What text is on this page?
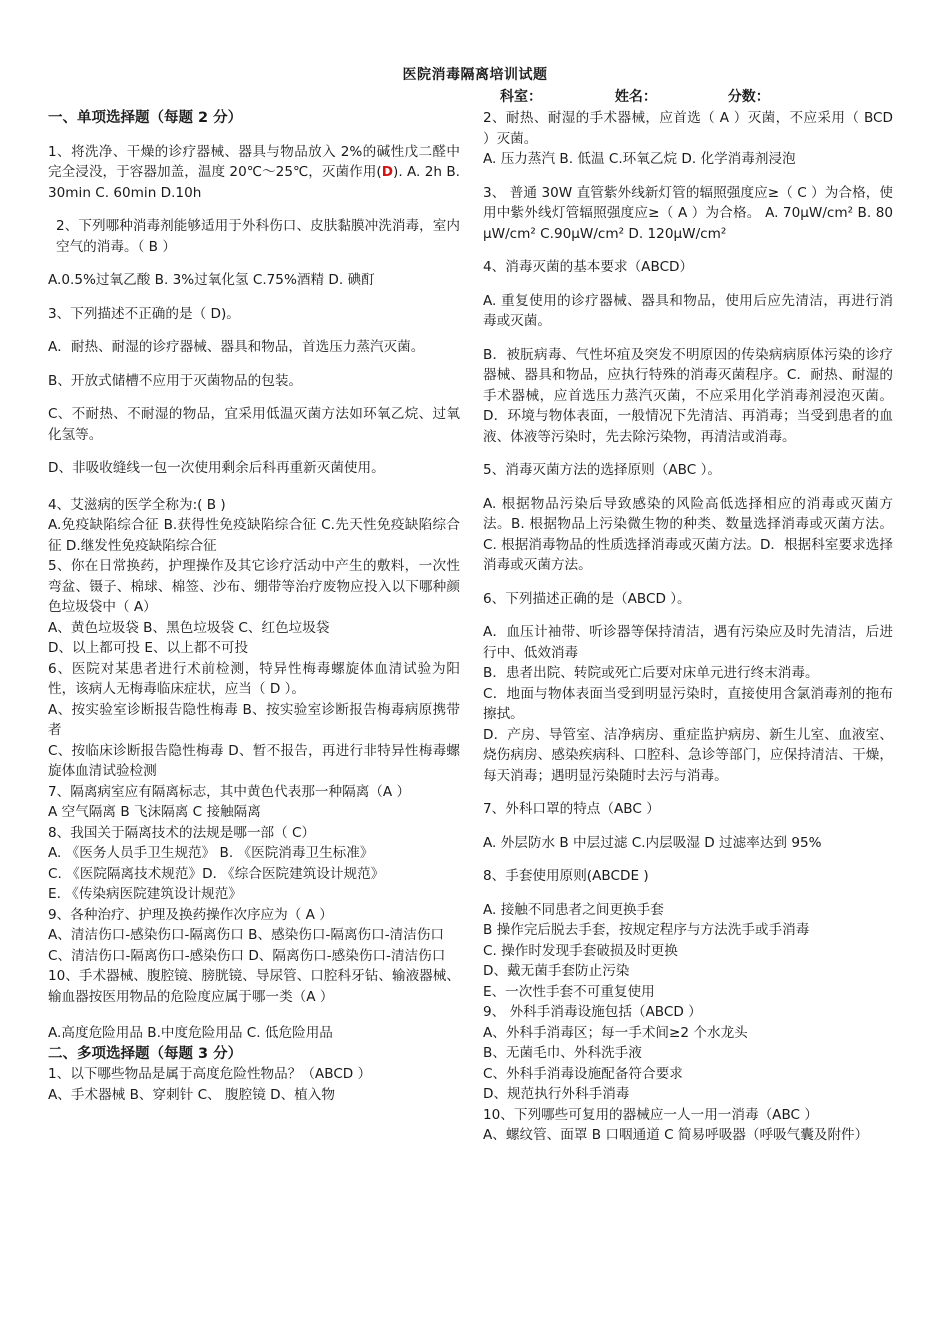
医院消毒隔离培训试题
科室：	姓名：	分数：

一、单项选择题（每题 2 分）

1、将洗净、干燥的诊疗器械、器具与物品放入 2%的碱性戊二醛中完全浸没，于容器加盖，温度 20℃～25℃，灭菌作用(D). A. 2h B. 30min C. 60min D.10h

2、下列哪种消毒剂能够适用于外科伤口、皮肤黏膜冲洗消毒，室内空气的消毒。（ B ）

A.0.5%过氧乙酸 B. 3%过氧化氢 C.75%酒精 D. 碘酊

3、下列描述不正确的是（ D)。

A．耐热、耐湿的诊疗器械、器具和物品，首选压力蒸汽灭菌。

B、开放式储槽不应用于灭菌物品的包装。

C、不耐热、不耐湿的物品，宜采用低温灭菌方法如环氧乙烷、过氧化氢等。

D、非吸收缝线一包一次使用剩余后科再重新灭菌使用。

4、艾滋病的医学全称为:( B )

A.免疫缺陷综合征 B.获得性免疫缺陷综合征 C.先天性免疫缺陷综合征 D.继发性免疫缺陷综合征

5、你在日常换药，护理操作及其它诊疗活动中产生的敷料，一次性弯盆、镊子、棉球、棉签、沙布、绷带等治疗废物应投入以下哪种颜色垃圾袋中（ A）

A、黄色垃圾袋 B、黑色垃圾袋 C、红色垃圾袋

D、以上都可投 E、以上都不可投

6、医院对某患者进行术前检测，特异性梅毒螺旋体血清试验为阳性，该病人无梅毒临床症状，应当（ D ）。

A、按实验室诊断报告隐性梅毒 B、按实验室诊断报告梅毒病原携带者

C、按临床诊断报告隐性梅毒 D、暂不报告，再进行非特异性梅毒螺旋体血清试验检测

7、隔离病室应有隔离标志，其中黄色代表那一种隔离（A ）

A 空气隔离 B 飞沫隔离 C 接触隔离

8、我国关于隔离技术的法规是哪一部（ C）

A. 《医务人员手卫生规范》 B. 《医院消毒卫生标准》

C. 《医院隔离技术规范》D. 《综合医院建筑设计规范》

E. 《传染病医院建筑设计规范》

9、各种治疗、护理及换药操作次序应为（ A ）

A、清洁伤口-感染伤口-隔离伤口 B、感染伤口-隔离伤口-清洁伤口

C、清洁伤口-隔离伤口-感染伤口 D、隔离伤口-感染伤口-清洁伤口

10、手术器械、腹腔镜、膀胱镜、导尿管、口腔科牙钻、输液器械、输血器按医用物品的危险度应属于哪一类（A ）

A.高度危险用品 B.中度危险用品 C. 低危险用品

二、多项选择题（每题 3 分）

1、以下哪些物品是属于高度危险性物品？（ABCD ）

A、手术器械 B、穿刺针 C、 腹腔镜 D、植入物

2、耐热、耐湿的手术器械，应首选（ A ）灭菌，不应采用（ BCD ）灭菌。

A. 压力蒸汽 B. 低温 C.环氧乙烷 D. 化学消毒剂浸泡

3、 普通 30W 直管紫外线新灯管的辐照强度应≥（ C ）为合格，使用中紫外线灯管辐照强度应≥（ A ）为合格。 A. 70μW/cm² B. 80μW/cm² C.90μW/cm² D. 120μW/cm²

4、消毒灭菌的基本要求（ABCD）

A. 重复使用的诊疗器械、器具和物品，使用后应先清洁，再进行消毒或灭菌。

B．被朊病毒、气性坏疽及突发不明原因的传染病病原体污染的诊疗器械、器具和物品，应执行特殊的消毒灭菌程序。C．耐热、耐湿的手术器械，应首选压力蒸汽灭菌，不应采用化学消毒剂浸泡灭菌。D．环境与物体表面，一般情况下先清洁、再消毒；当受到患者的血液、体液等污染时，先去除污染物，再清洁或消毒。

5、消毒灭菌方法的选择原则（ABC ）。

A. 根据物品污染后导致感染的风险高低选择相应的消毒或灭菌方法。B. 根据物品上污染微生物的种类、数量选择消毒或灭菌方法。C. 根据消毒物品的性质选择消毒或灭菌方法。D．根据科室要求选择消毒或灭菌方法。

6、下列描述正确的是（ABCD ）。

A．血压计袖带、听诊器等保持清洁，遇有污染应及时先清洁，后进行中、低效消毒

B．患者出院、转院或死亡后要对床单元进行终末消毒。

C．地面与物体表面当受到明显污染时，直接使用含氯消毒剂的拖布擦拭。

D．产房、导管室、洁净病房、重症监护病房、新生儿室、血液室、烧伤病房、感染疾病科、口腔科、急诊等部门，应保持清洁、干燥，每天消毒；遇明显污染随时去污与消毒。

7、外科口罩的特点（ABC ）

A. 外层防水 B 中层过滤 C.内层吸湿 D 过滤率达到 95%

8、手套使用原则(ABCDE )

A. 接触不同患者之间更换手套

B 操作完后脱去手套，按规定程序与方法洗手或手消毒

C. 操作时发现手套破损及时更换

D、戴无菌手套防止污染

E、一次性手套不可重复使用

9、 外科手消毒设施包括（ABCD ）

A、外科手消毒区；每一手术间≥2 个水龙头

B、无菌毛巾、外科洗手液

C、外科手消毒设施配备符合要求

D、规范执行外科手消毒

10、下列哪些可复用的器械应一人一用一消毒（ABC ）

A、螺纹管、面罩 B 口咽通道 C 简易呼吸器（呼吸气囊及附件）
